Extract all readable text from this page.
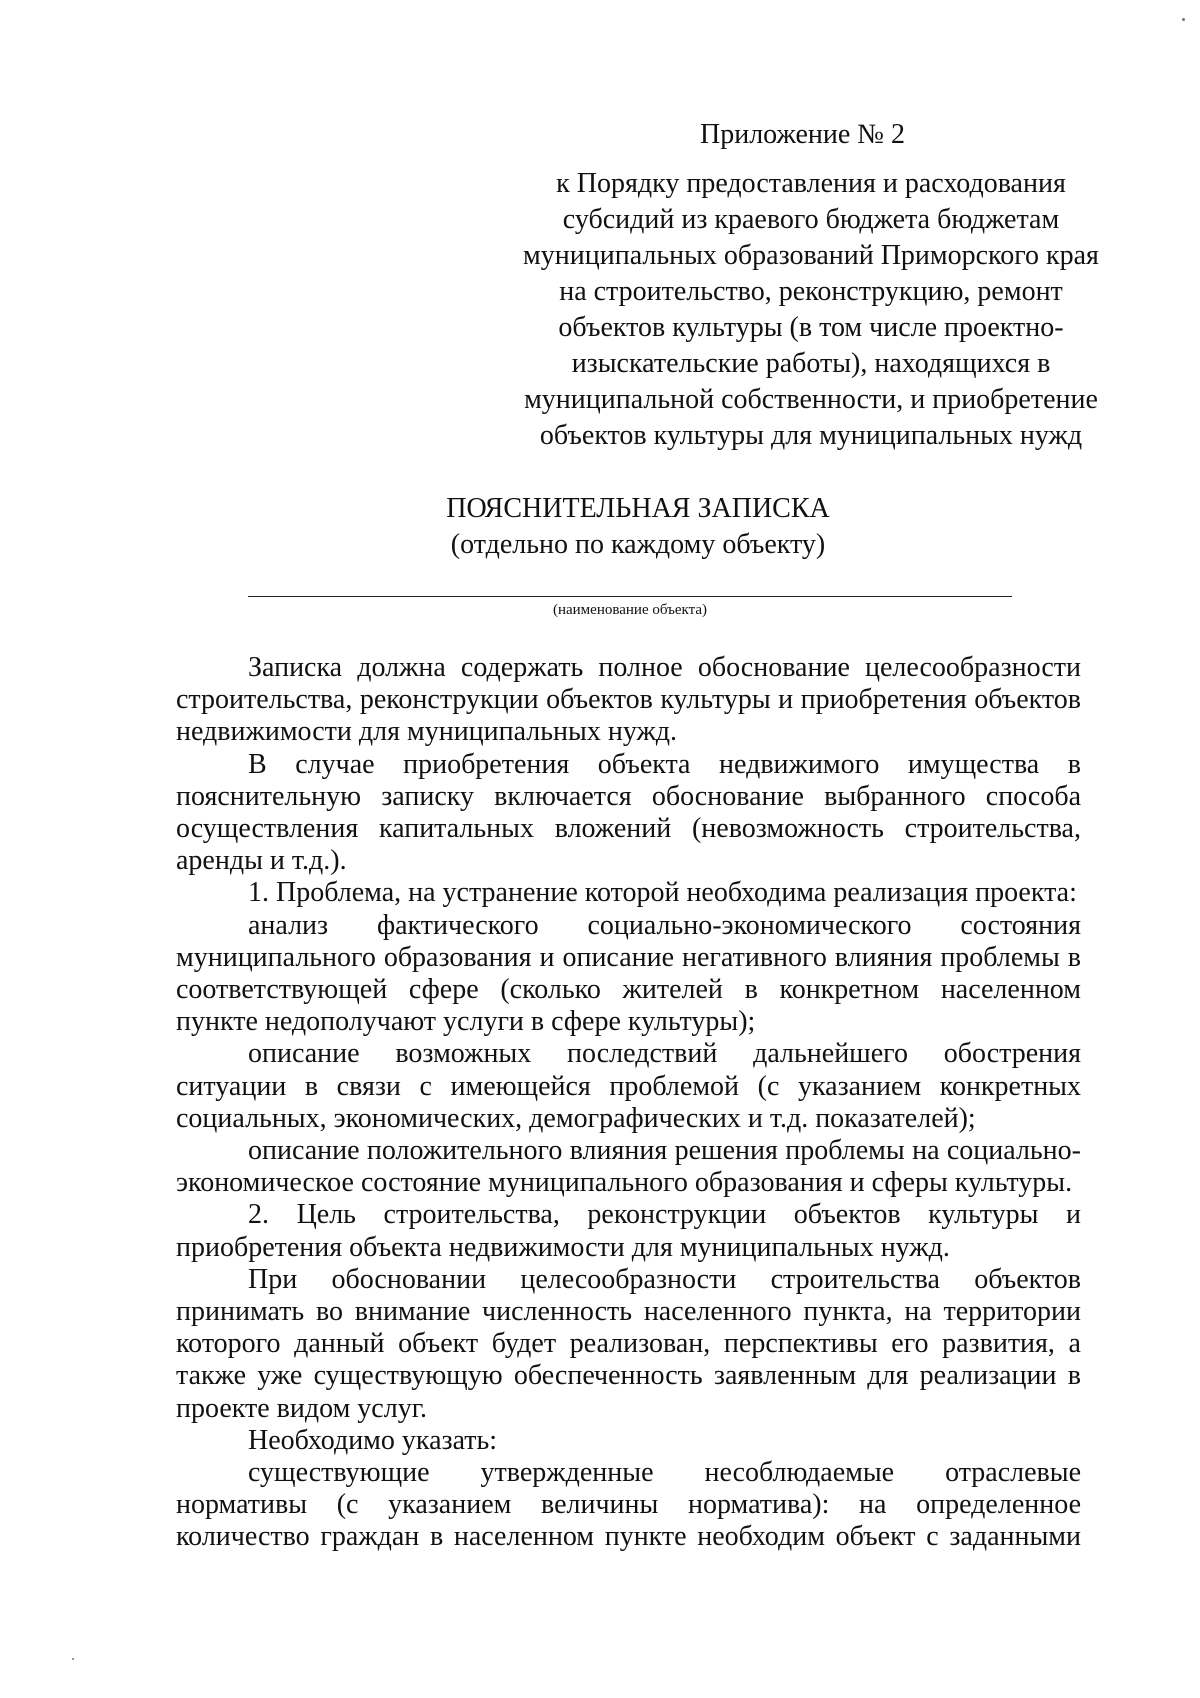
Приложение № 2
к Порядку предоставления и расходования
субсидий из краевого бюджета бюджетам
муниципальных образований Приморского края
на строительство, реконструкцию, ремонт
объектов культуры (в том числе проектно-
изыскательские работы), находящихся в
муниципальной собственности, и приобретение
объектов культуры для муниципальных нужд
ПОЯСНИТЕЛЬНАЯ ЗАПИСКА
(отдельно по каждому объекту)
(наименование объекта)

Записка должна содержать полное обоснование целесообразности строительства, реконструкции объектов культуры и приобретения объектов недвижимости для муниципальных нужд.

В случае приобретения объекта недвижимого имущества в пояснительную записку включается обоснование выбранного способа осуществления капитальных вложений (невозможность строительства, аренды и т.д.).

1. Проблема, на устранение которой необходима реализация проекта:

анализ фактического социально-экономического состояния муниципального образования и описание негативного влияния проблемы в соответствующей сфере (сколько жителей в конкретном населенном пункте недополучают услуги в сфере культуры);

описание возможных последствий дальнейшего обострения ситуации в связи с имеющейся проблемой (с указанием конкретных социальных, экономических, демографических и т.д. показателей);

описание положительного влияния решения проблемы на социально-экономическое состояние муниципального образования и сферы культуры.

2. Цель строительства, реконструкции объектов культуры и приобретения объекта недвижимости для муниципальных нужд.

При обосновании целесообразности строительства объектов принимать во внимание численность населенного пункта, на территории которого данный объект будет реализован, перспективы его развития, а также уже существующую обеспеченность заявленным для реализации в проекте видом услуг.

Необходимо указать:

существующие утвержденные несоблюдаемые отраслевые нормативы (с указанием величины норматива): на определенное количество граждан в населенном пункте необходим объект с заданными
